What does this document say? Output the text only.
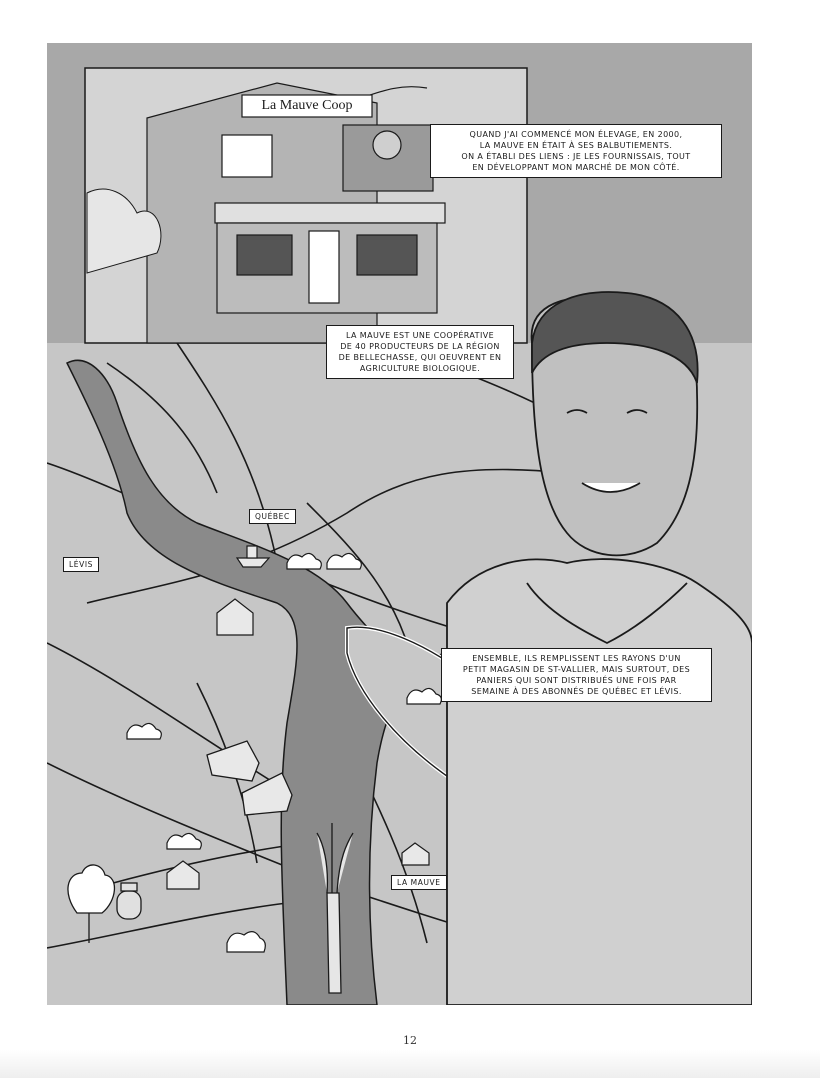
La Mauve Coop
QUAND J'AI COMMENCÉ MON ÉLEVAGE, EN 2000,
LA MAUVE EN ÉTAIT À SES BALBUTIEMENTS.
ON A ÉTABLI DES LIENS : JE LES FOURNISSAIS, TOUT
EN DÉVELOPPANT MON MARCHÉ DE MON CÔTÉ.
LA MAUVE EST UNE COOPÉRATIVE
DE 40 PRODUCTEURS DE LA RÉGION
DE BELLECHASSE, QUI OEUVRENT EN
AGRICULTURE BIOLOGIQUE.
ENSEMBLE, ILS REMPLISSENT LES RAYONS D'UN
PETIT MAGASIN DE ST-VALLIER, MAIS SURTOUT, DES
PANIERS QUI SONT DISTRIBUÉS UNE FOIS PAR
SEMAINE À DES ABONNÉS DE QUÉBEC ET LÉVIS.
QUÉBEC
LÉVIS
LA MAUVE
12
